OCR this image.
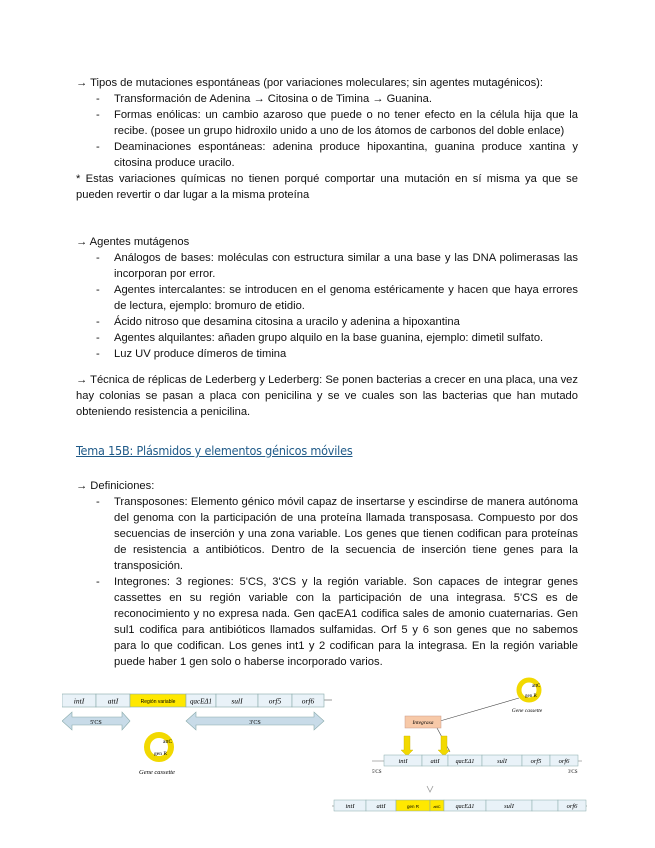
→ Tipos de mutaciones espontáneas (por variaciones moleculares; sin agentes mutagénicos):

- Transformación de Adenina → Citosina o de Timina → Guanina.
- Formas enólicas: un cambio azaroso que puede o no tener efecto en la célula hija que la recibe. (posee un grupo hidroxilo unido a uno de los átomos de carbonos del doble enlace)
- Deaminaciones espontáneas: adenina produce hipoxantina, guanina produce xantina y citosina produce uracilo.

* Estas variaciones químicas no tienen porqué comportar una mutación en sí misma ya que se pueden revertir o dar lugar a la misma proteína

→ Agentes mutágenos

- Análogos de bases: moléculas con estructura similar a una base y las DNA polimerasas las incorporan por error.
- Agentes intercalantes: se introducen en el genoma estéricamente y hacen que haya errores de lectura, ejemplo: bromuro de etidio.
- Ácido nitroso que desamina citosina a uracilo y adenina a hipoxantina
- Agentes alquilantes: añaden grupo alquilo en la base guanina, ejemplo: dimetil sulfato.
- Luz UV produce dímeros de timina

→ Técnica de réplicas de Lederberg y Lederberg: Se ponen bacterias a crecer en una placa, una vez hay colonias se pasan a placa con penicilina y se ve cuales son las bacterias que han mutado obteniendo resistencia a penicilina.

Tema 15B: Plásmidos y elementos génicos móviles

→ Definiciones:

- Transposones: Elemento génico móvil capaz de insertarse y escindirse de manera autónoma del genoma con la participación de una proteína llamada transposasa. Compuesto por dos secuencias de inserción y una zona variable. Los genes que tienen codifican para proteínas de resistencia a antibióticos. Dentro de la secuencia de inserción tiene genes para la transposición.
- Integrones: 3 regiones: 5'CS, 3'CS y la región variable. Son capaces de integrar genes cassettes en su región variable con la participación de una integrasa. 5'CS es de reconocimiento y no expresa nada. Gen qacEA1 codifica sales de amonio cuaternarias. Gen sul1 codifica para antibióticos llamados sulfamidas. Orf 5 y 6 son genes que no sabemos para lo que codifican. Los genes int1 y 2 codifican para la integrasa. En la región variable puede haber 1 gen solo o haberse incorporado varios.
intI	attI	Región variable qacEΔ1	sulI	orf5	orf6
5'CS	3'CS
attC
gen R
Gene cassette
attC
gen R
Gene cassette
Integrasa
intI	attI	qacEΔ1	sulI	orf5	orf6
5'CS	3'CS
intI	attI	gen R	attC qacEΔ1	sulI	orf6
